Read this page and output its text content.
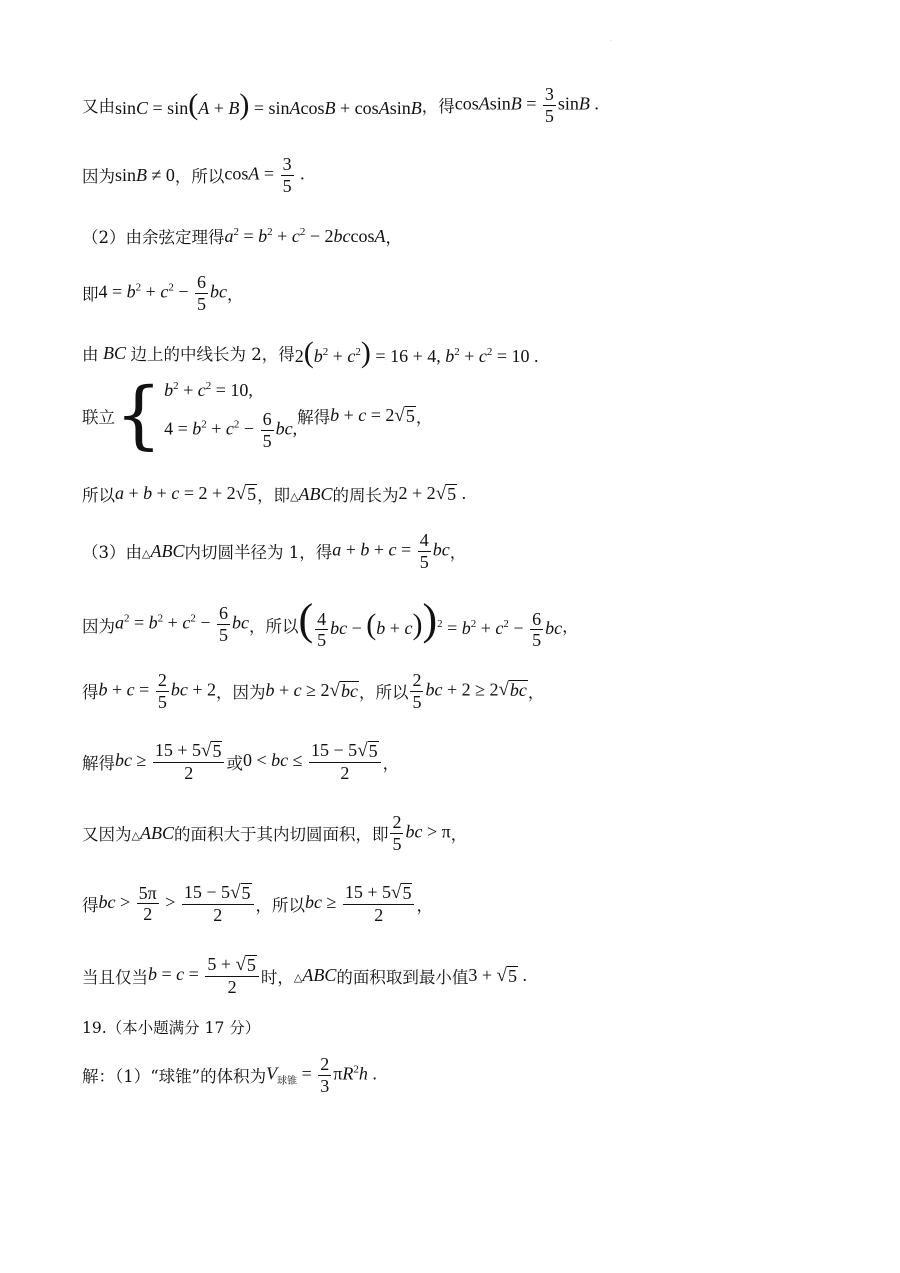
·
又由 sinC = sin(A + B) = sinAcosB + cosAsinB ，得 cosAsinB = $\frac{3}{5}$ sinB .
因为 sinB ≠ 0 ，所以 $\cos A = \frac{3}{5}$ .
（2）由余弦定理得 $a^2 = b^2 + c^2 - 2bccosA$ ，
即 $4 = b^2 + c^2 - \frac{6}{5}$ bc ，
由 BC 边上的中线长为 2，得 $2(b^2 + c^2) = 16 + 4$, $b^2 + c^2 = 10$ .
联立 { $b^2 + c^2 = 10$,
$4 = b^2 + c^2 - \frac{6}{5}$ bc,
解得 b + c = 2 √ 5 ，
所以 a + b + c = 2 + 2 √ 5 ，即 △ABC 的周长为 2 + 2 √ 5 .
（3）由 △ABC 内切圆半径为 1，得 $a + b + c = \frac{4}{5}$ bc ，
因为 $a^2 = b^2 + c^2 - \frac{6}{5}$ bc ，所以 ( $\frac{4}{5}$ bc − $(b + c))^2 = b^2 + c^2 - \frac{6}{5}$ bc ，
得 $b + c = \frac{2}{5}$ bc + 2 ，因为 b + c ≥ 2 √ bc ，所以 $\frac{2}{5}$ bc + 2 ≥ 2 √ bc ，
解得 bc ≥ $\frac{15 + 5 √ 5}{2}$ 或 0 < bc ≤ $\frac{15 - 5 √ 5}{2}$ ，
又因为 △ABC 的面积大于其内切圆面积，即 $\frac{2}{5}$ bc > π ，
得 bc > $\frac{5\pi}{2} > \frac{15 - 5 √ 5}{2}$ ，所以 bc ≥ $\frac{15 + 5 √ 5}{2}$ ，
当且仅当 $b = c = \frac{5 + √ 5}{2}$ 时， △ABC 的面积取到最小值 3 + √ 5 .
19.（本小题满分 17 分）
解：（1）“球锥”的体积为 $V_{球锥} = \frac{2}{3} \pi R^2h$ .
